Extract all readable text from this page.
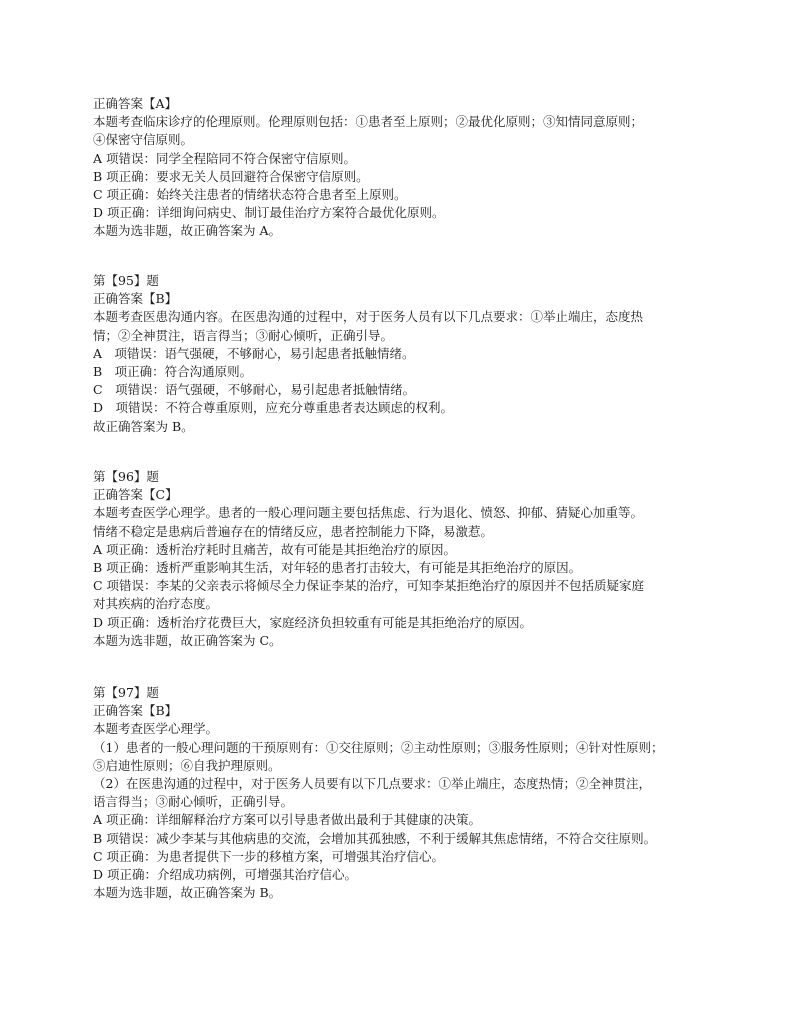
正确答案【A】
本题考查临床诊疗的伦理原则。伦理原则包括：①患者至上原则；②最优化原则；③知情同意原则；
④保密守信原则。
A 项错误：同学全程陪同不符合保密守信原则。
B 项正确：要求无关人员回避符合保密守信原则。
C 项正确：始终关注患者的情绪状态符合患者至上原则。
D 项正确：详细询问病史、制订最佳治疗方案符合最优化原则。
本题为选非题，故正确答案为 A。
第【95】题
正确答案【B】
本题考查医患沟通内容。在医患沟通的过程中，对于医务人员有以下几点要求：①举止端庄，态度热
情；②全神贯注，语言得当；③耐心倾听，正确引导。
A　项错误：语气强硬，不够耐心，易引起患者抵触情绪。
B　项正确：符合沟通原则。
C　项错误：语气强硬，不够耐心，易引起患者抵触情绪。
D　项错误：不符合尊重原则，应充分尊重患者表达顾虑的权利。
故正确答案为 B。
第【96】题
正确答案【C】
本题考查医学心理学。患者的一般心理问题主要包括焦虑、行为退化、愤怒、抑郁、猜疑心加重等。
情绪不稳定是患病后普遍存在的情绪反应，患者控制能力下降，易激惹。
A 项正确：透析治疗耗时且痛苦，故有可能是其拒绝治疗的原因。
B 项正确：透析严重影响其生活，对年轻的患者打击较大，有可能是其拒绝治疗的原因。
C 项错误：李某的父亲表示将倾尽全力保证李某的治疗，可知李某拒绝治疗的原因并不包括质疑家庭
对其疾病的治疗态度。
D 项正确：透析治疗花费巨大，家庭经济负担较重有可能是其拒绝治疗的原因。
本题为选非题，故正确答案为 C。
第【97】题
正确答案【B】
本题考查医学心理学。
（1）患者的一般心理问题的干预原则有：①交往原则；②主动性原则；③服务性原则；④针对性原则；
⑤启迪性原则；⑥自我护理原则。
（2）在医患沟通的过程中，对于医务人员要有以下几点要求：①举止端庄，态度热情；②全神贯注，
语言得当；③耐心倾听，正确引导。
A 项正确：详细解释治疗方案可以引导患者做出最利于其健康的决策。
B 项错误：减少李某与其他病患的交流，会增加其孤独感，不利于缓解其焦虑情绪，不符合交往原则。
C 项正确：为患者提供下一步的移植方案，可增强其治疗信心。
D 项正确：介绍成功病例，可增强其治疗信心。
本题为选非题，故正确答案为 B。
